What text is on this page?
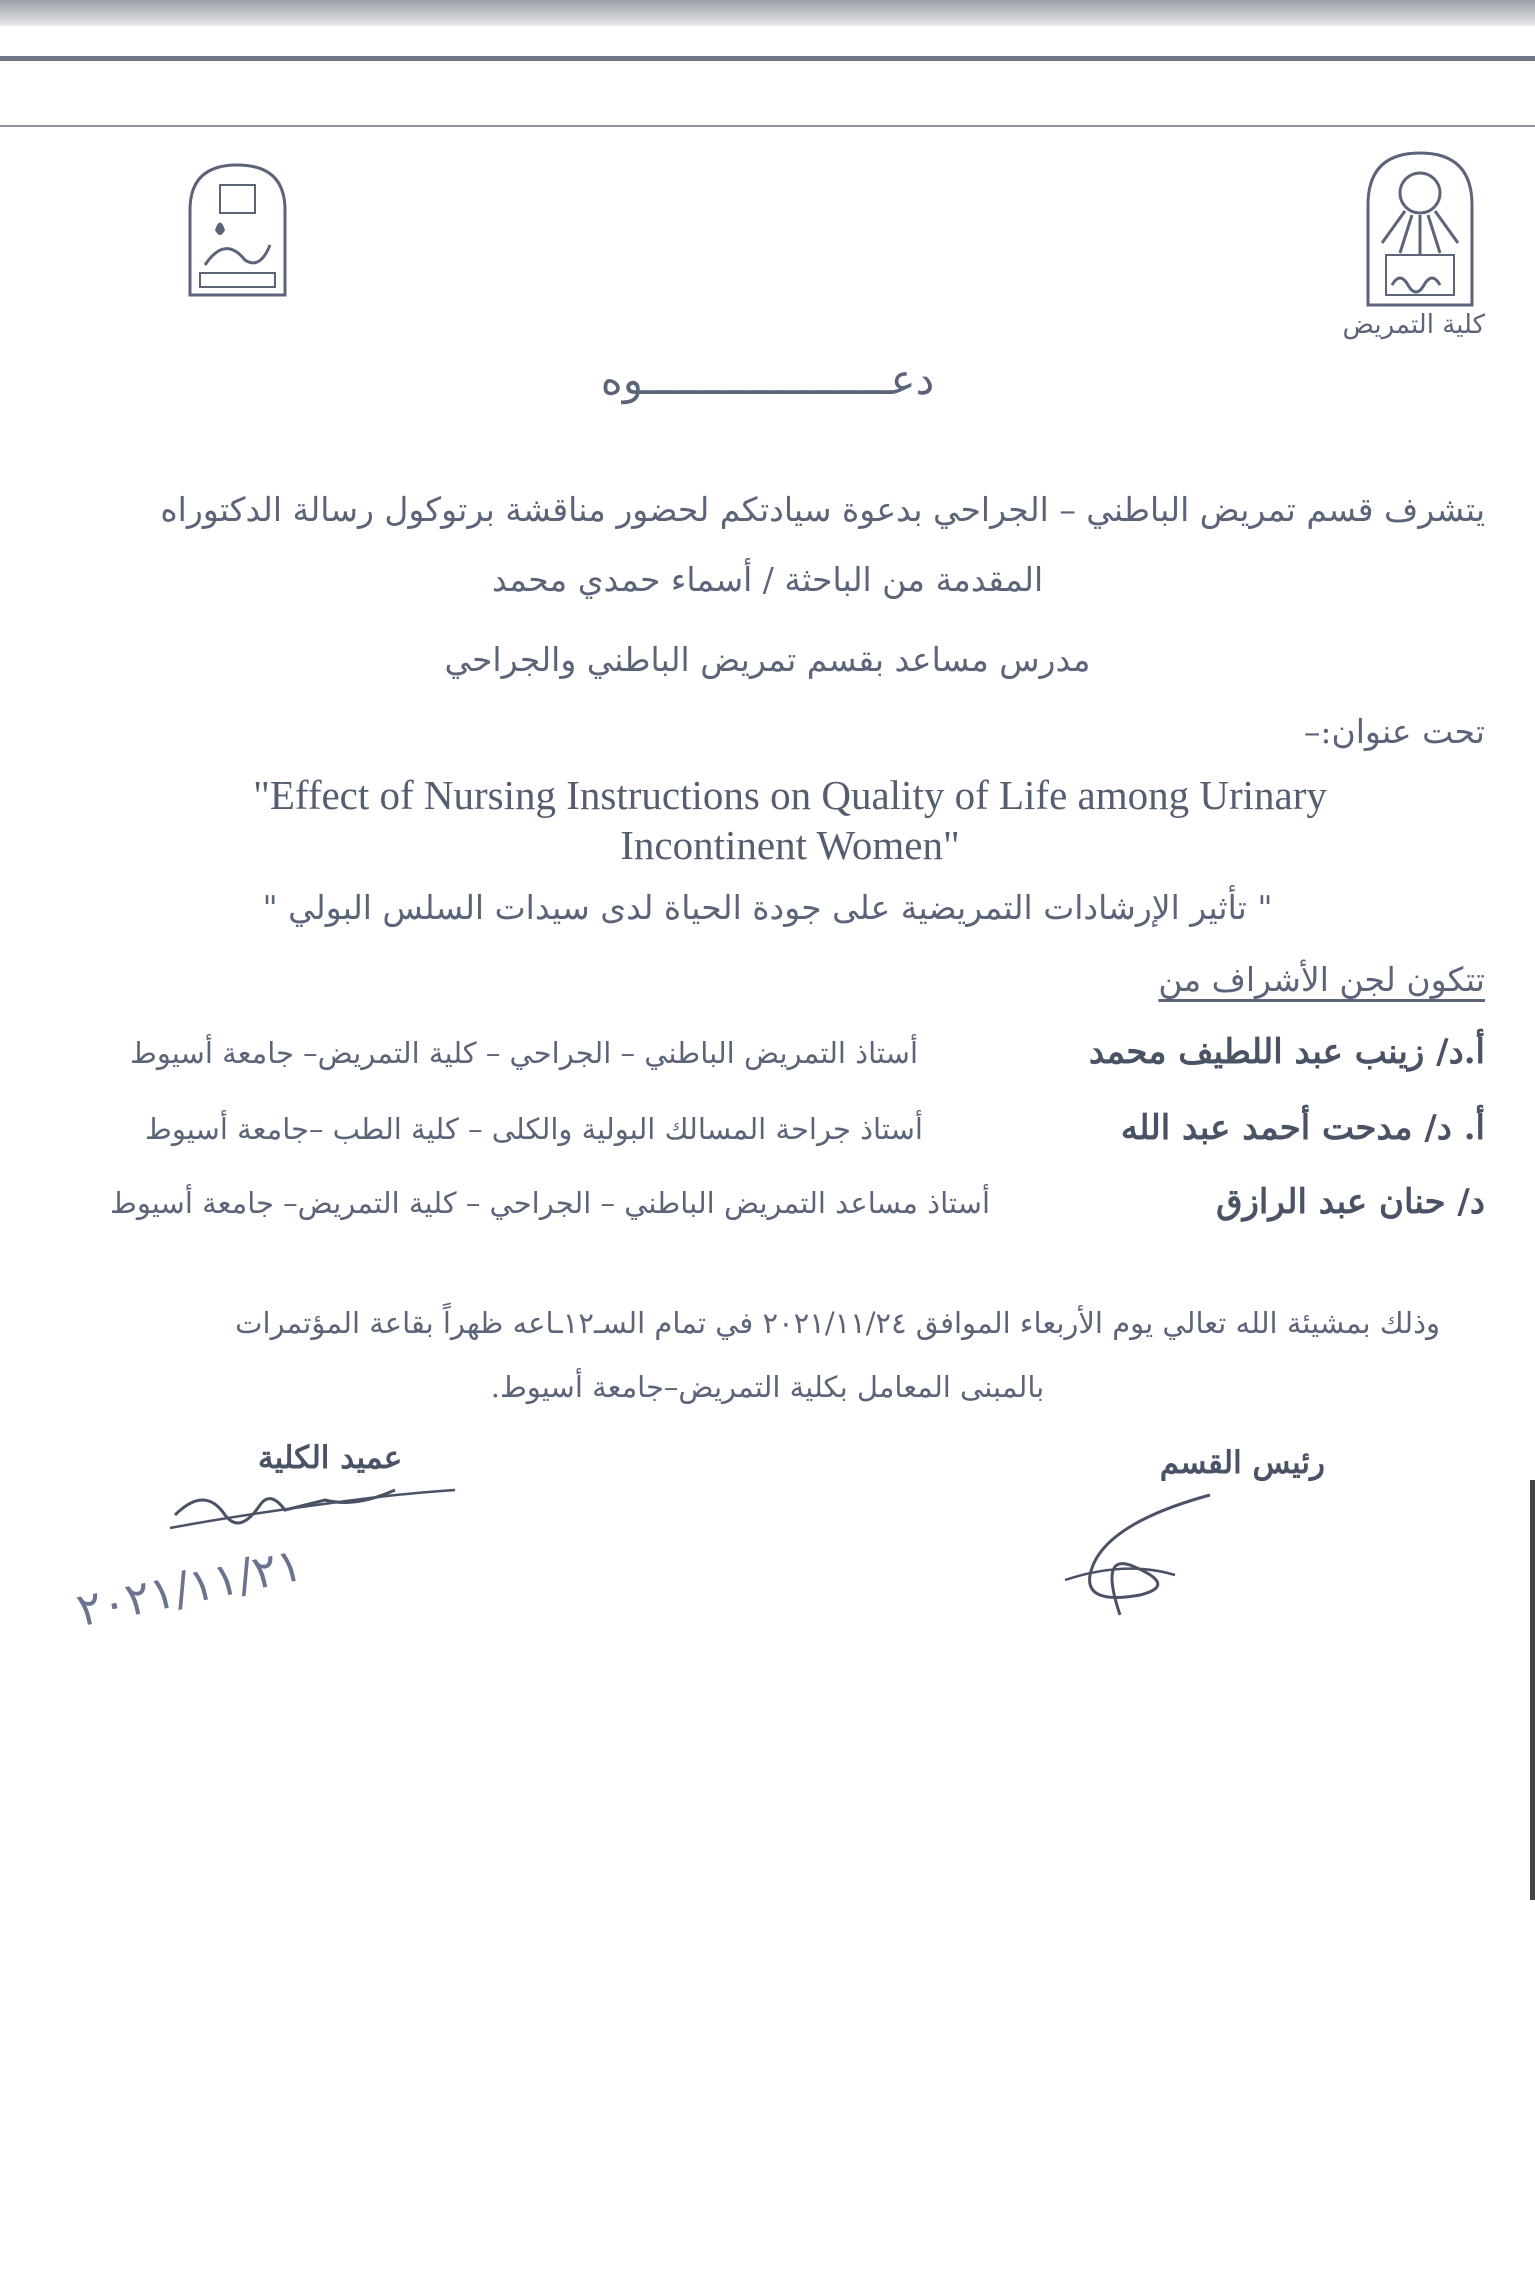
كلية التمريض
دعــــــــــــــــــــوه
يتشرف قسم تمريض الباطني – الجراحي بدعوة سيادتكم لحضور مناقشة برتوكول رسالة الدكتوراه
المقدمة من الباحثة / أسماء حمدي محمد
مدرس مساعد بقسم تمريض الباطني والجراحي
تحت عنوان:–
"Effect of Nursing Instructions on Quality of Life among Urinary Incontinent Women"
" تأثير الإرشادات التمريضية على جودة الحياة لدى سيدات السلس البولي "
تتكون لجن الأشراف من
أ.د/ زينب عبد اللطيف محمد
أستاذ التمريض الباطني – الجراحي – كلية التمريض– جامعة أسيوط
أ. د/ مدحت أحمد عبد الله
أستاذ جراحة المسالك البولية والكلى – كلية الطب –جامعة أسيوط
د/ حنان عبد الرازق
أستاذ مساعد التمريض الباطني – الجراحي – كلية التمريض– جامعة أسيوط
وذلك بمشيئة الله تعالي يوم الأربعاء الموافق ٢٠٢١/١١/٢٤ في تمام السـ١٢ـاعه ظهراً بقاعة المؤتمرات
بالمبنى المعامل بكلية التمريض–جامعة أسيوط.
رئيس القسم
عميد الكلية
٢٠٢١/١١/٢١
